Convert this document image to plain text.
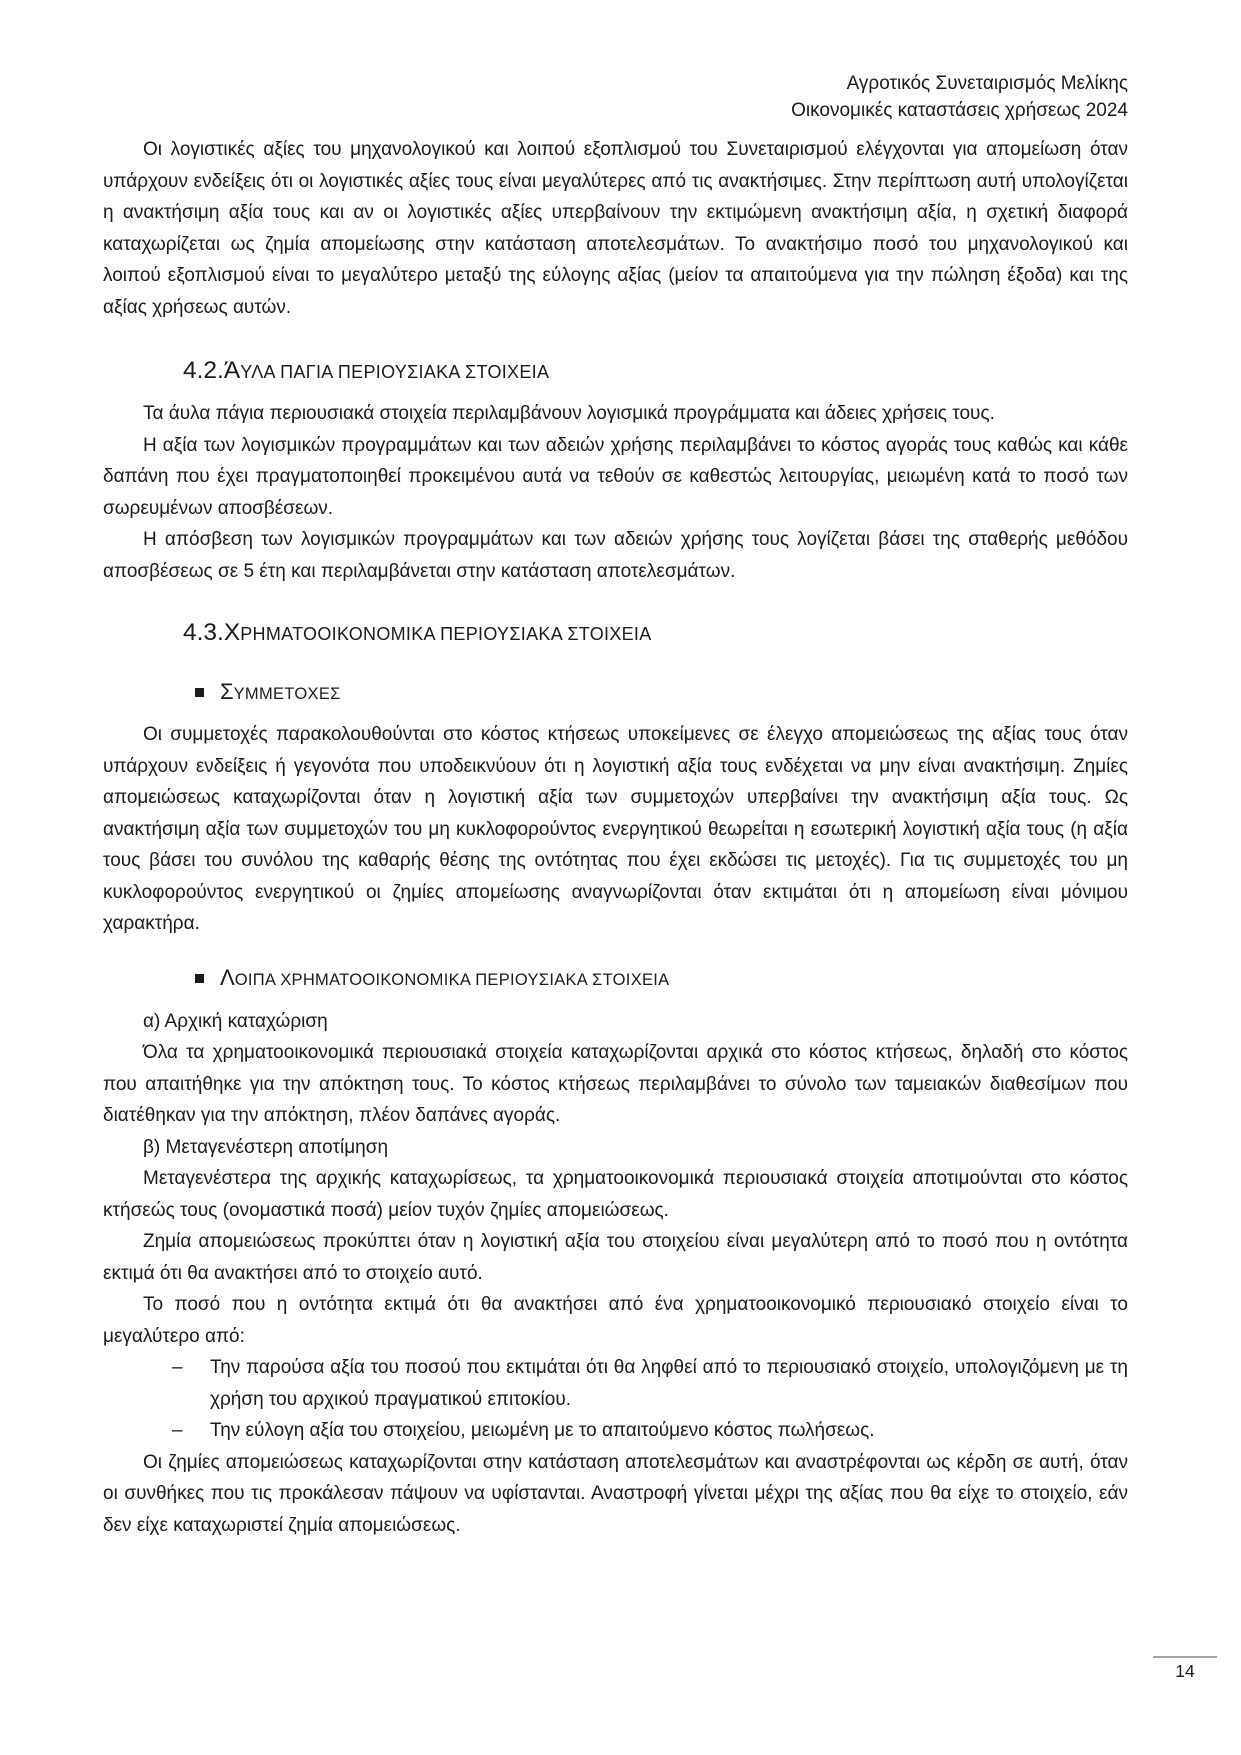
Αγροτικός Συνεταιρισμός Μελίκης
Οικονομικές καταστάσεις χρήσεως 2024

Οι λογιστικές αξίες του μηχανολογικού και λοιπού εξοπλισμού του Συνεταιρισμού ελέγχονται για απομείωση όταν υπάρχουν ενδείξεις ότι οι λογιστικές αξίες τους είναι μεγαλύτερες από τις ανακτήσιμες. Στην περίπτωση αυτή υπολογίζεται η ανακτήσιμη αξία τους και αν οι λογιστικές αξίες υπερβαίνουν την εκτιμώμενη ανακτήσιμη αξία, η σχετική διαφορά καταχωρίζεται ως ζημία απομείωσης στην κατάσταση αποτελεσμάτων. Το ανακτήσιμο ποσό του μηχανολογικού και λοιπού εξοπλισμού είναι το μεγαλύτερο μεταξύ της εύλογης αξίας (μείον τα απαιτούμενα για την πώληση έξοδα) και της αξίας χρήσεως αυτών.

4.2.ΆΥΛΑ ΠΑΓΙΑ ΠΕΡΙΟΥΣΙΑΚΑ ΣΤΟΙΧΕΙΑ

Τα άυλα πάγια περιουσιακά στοιχεία περιλαμβάνουν λογισμικά προγράμματα και άδειες χρήσεις τους.

Η αξία των λογισμικών προγραμμάτων και των αδειών χρήσης περιλαμβάνει το κόστος αγοράς τους καθώς και κάθε δαπάνη που έχει πραγματοποιηθεί προκειμένου αυτά να τεθούν σε καθεστώς λειτουργίας, μειωμένη κατά το ποσό των σωρευμένων αποσβέσεων.

Η απόσβεση των λογισμικών προγραμμάτων και των αδειών χρήσης τους λογίζεται βάσει της σταθερής μεθόδου αποσβέσεως σε 5 έτη και περιλαμβάνεται στην κατάσταση αποτελεσμάτων.

4.3.ΧΡΗΜΑΤΟΟΙΚΟΝΟΜΙΚΑ ΠΕΡΙΟΥΣΙΑΚΑ ΣΤΟΙΧΕΙΑ
ΣΥΜΜΕΤΟΧΕΣ

Οι συμμετοχές παρακολουθούνται στο κόστος κτήσεως υποκείμενες σε έλεγχο απομειώσεως της αξίας τους όταν υπάρχουν ενδείξεις ή γεγονότα που υποδεικνύουν ότι η λογιστική αξία τους ενδέχεται να μην είναι ανακτήσιμη. Ζημίες απομειώσεως καταχωρίζονται όταν η λογιστική αξία των συμμετοχών υπερβαίνει την ανακτήσιμη αξία τους. Ως ανακτήσιμη αξία των συμμετοχών του μη κυκλοφορούντος ενεργητικού θεωρείται η εσωτερική λογιστική αξία τους (η αξία τους βάσει του συνόλου της καθαρής θέσης της οντότητας που έχει εκδώσει τις μετοχές). Για τις συμμετοχές του μη κυκλοφορούντος ενεργητικού οι ζημίες απομείωσης αναγνωρίζονται όταν εκτιμάται ότι η απομείωση είναι μόνιμου χαρακτήρα.

ΛΟΙΠΑ ΧΡΗΜΑΤΟΟΙΚΟΝΟΜΙΚΑ ΠΕΡΙΟΥΣΙΑΚΑ ΣΤΟΙΧΕΙΑ

α) Αρχική καταχώριση

Όλα τα χρηματοοικονομικά περιουσιακά στοιχεία καταχωρίζονται αρχικά στο κόστος κτήσεως, δηλαδή στο κόστος που απαιτήθηκε για την απόκτηση τους. Το κόστος κτήσεως περιλαμβάνει το σύνολο των ταμειακών διαθεσίμων που διατέθηκαν για την απόκτηση, πλέον δαπάνες αγοράς.

β) Μεταγενέστερη αποτίμηση

Μεταγενέστερα της αρχικής καταχωρίσεως, τα χρηματοοικονομικά περιουσιακά στοιχεία αποτιμούνται στο κόστος κτήσεώς τους (ονομαστικά ποσά) μείον τυχόν ζημίες απομειώσεως.

Ζημία απομειώσεως προκύπτει όταν η λογιστική αξία του στοιχείου είναι μεγαλύτερη από το ποσό που η οντότητα εκτιμά ότι θα ανακτήσει από το στοιχείο αυτό.

Το ποσό που η οντότητα εκτιμά ότι θα ανακτήσει από ένα χρηματοοικονομικό περιουσιακό στοιχείο είναι το μεγαλύτερο από:

– Την παρούσα αξία του ποσού που εκτιμάται ότι θα ληφθεί από το περιουσιακό στοιχείο, υπολογιζόμενη με τη χρήση του αρχικού πραγματικού επιτοκίου.
– Την εύλογη αξία του στοιχείου, μειωμένη με το απαιτούμενο κόστος πωλήσεως.

Οι ζημίες απομειώσεως καταχωρίζονται στην κατάσταση αποτελεσμάτων και αναστρέφονται ως κέρδη σε αυτή, όταν οι συνθήκες που τις προκάλεσαν πάψουν να υφίστανται. Αναστροφή γίνεται μέχρι της αξίας που θα είχε το στοιχείο, εάν δεν είχε καταχωριστεί ζημία απομειώσεως.

14
